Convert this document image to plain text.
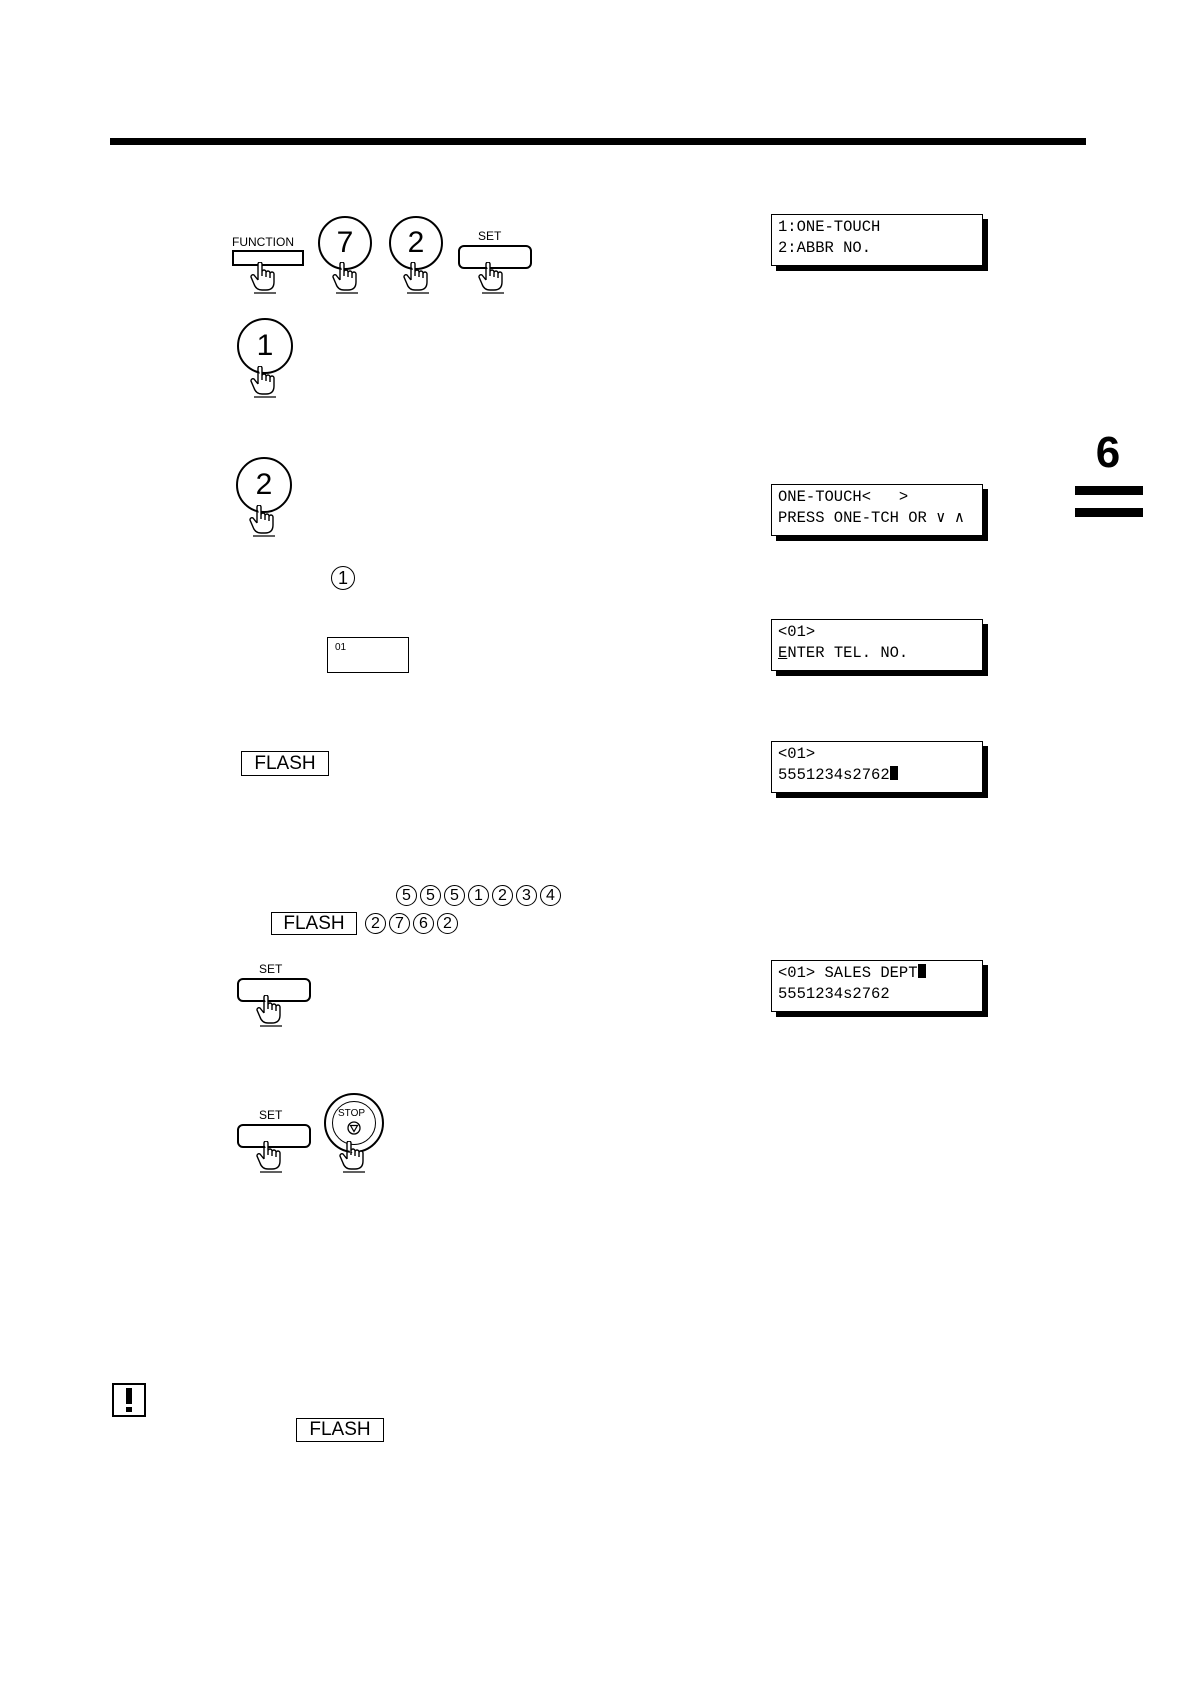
6
FUNCTION	7	2	SET	1:ONE-TOUCH
2:ABBR NO.
1
2	ONE-TOUCH<   >
PRESS ONE-TCH OR ∨ ∧
1
01
<01>
ENTER TEL. NO.
FLASH	<01>
5551234s2762
5 5 5 1 2 3 4
FLASH	2 7 6 2
SET	<01> SALES DEPT
5551234s2762
SET	STOP
FLASH
